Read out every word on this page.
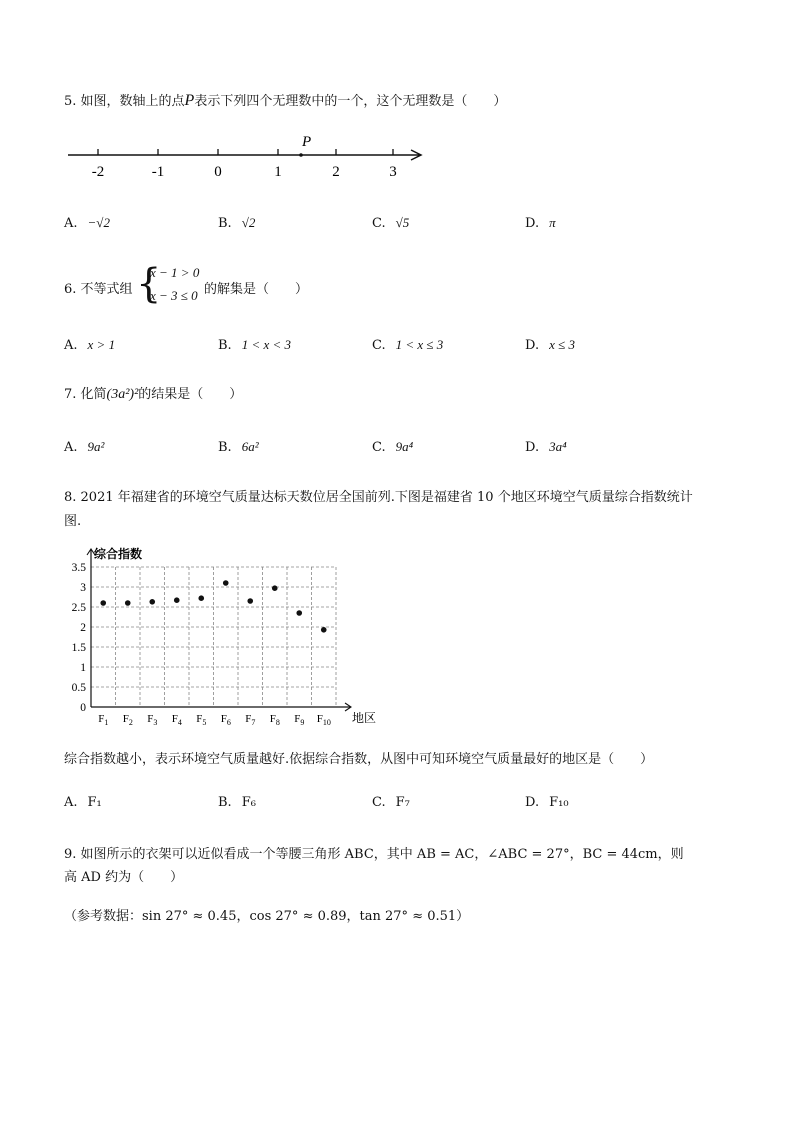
5. 如图，数轴上的点P表示下列四个无理数中的一个，这个无理数是（　　）
-2	-1	0	1	2	3
P
A. −√2	B. √2	C. √5	D. π
6. 不等式组 {
x − 1 > 0
x − 3 ≤ 0 的解集是（　　）
A. x > 1	B. 1 < x < 3	C. 1 < x ≤ 3	D. x ≤ 3
7. 化简(3a²)²的结果是（　　）
A. 9a²	B. 6a²	C. 9a⁴	D. 3a⁴
8. 2021 年福建省的环境空气质量达标天数位居全国前列.下图是福建省 10 个地区环境空气质量综合指数统计
图.
0
0.5
1
1.5
2
2.5
3
3.5
$F_1$ $F_2$ $F_3$ $F_4$ $F_5$ $F_6$ $F_7$ $F_8$ $F_9$ $F_{10}$
综合指数
地区
综合指数越小，表示环境空气质量越好.依据综合指数，从图中可知环境空气质量最好的地区是（　　）
A. F₁	B. F₆	C. F₇	D. F₁₀
9. 如图所示的衣架可以近似看成一个等腰三角形 ABC，其中 AB = AC，∠ABC = 27°，BC = 44cm，则
高 AD 约为（　　）
（参考数据：sin 27° ≈ 0.45，cos 27° ≈ 0.89，tan 27° ≈ 0.51）
